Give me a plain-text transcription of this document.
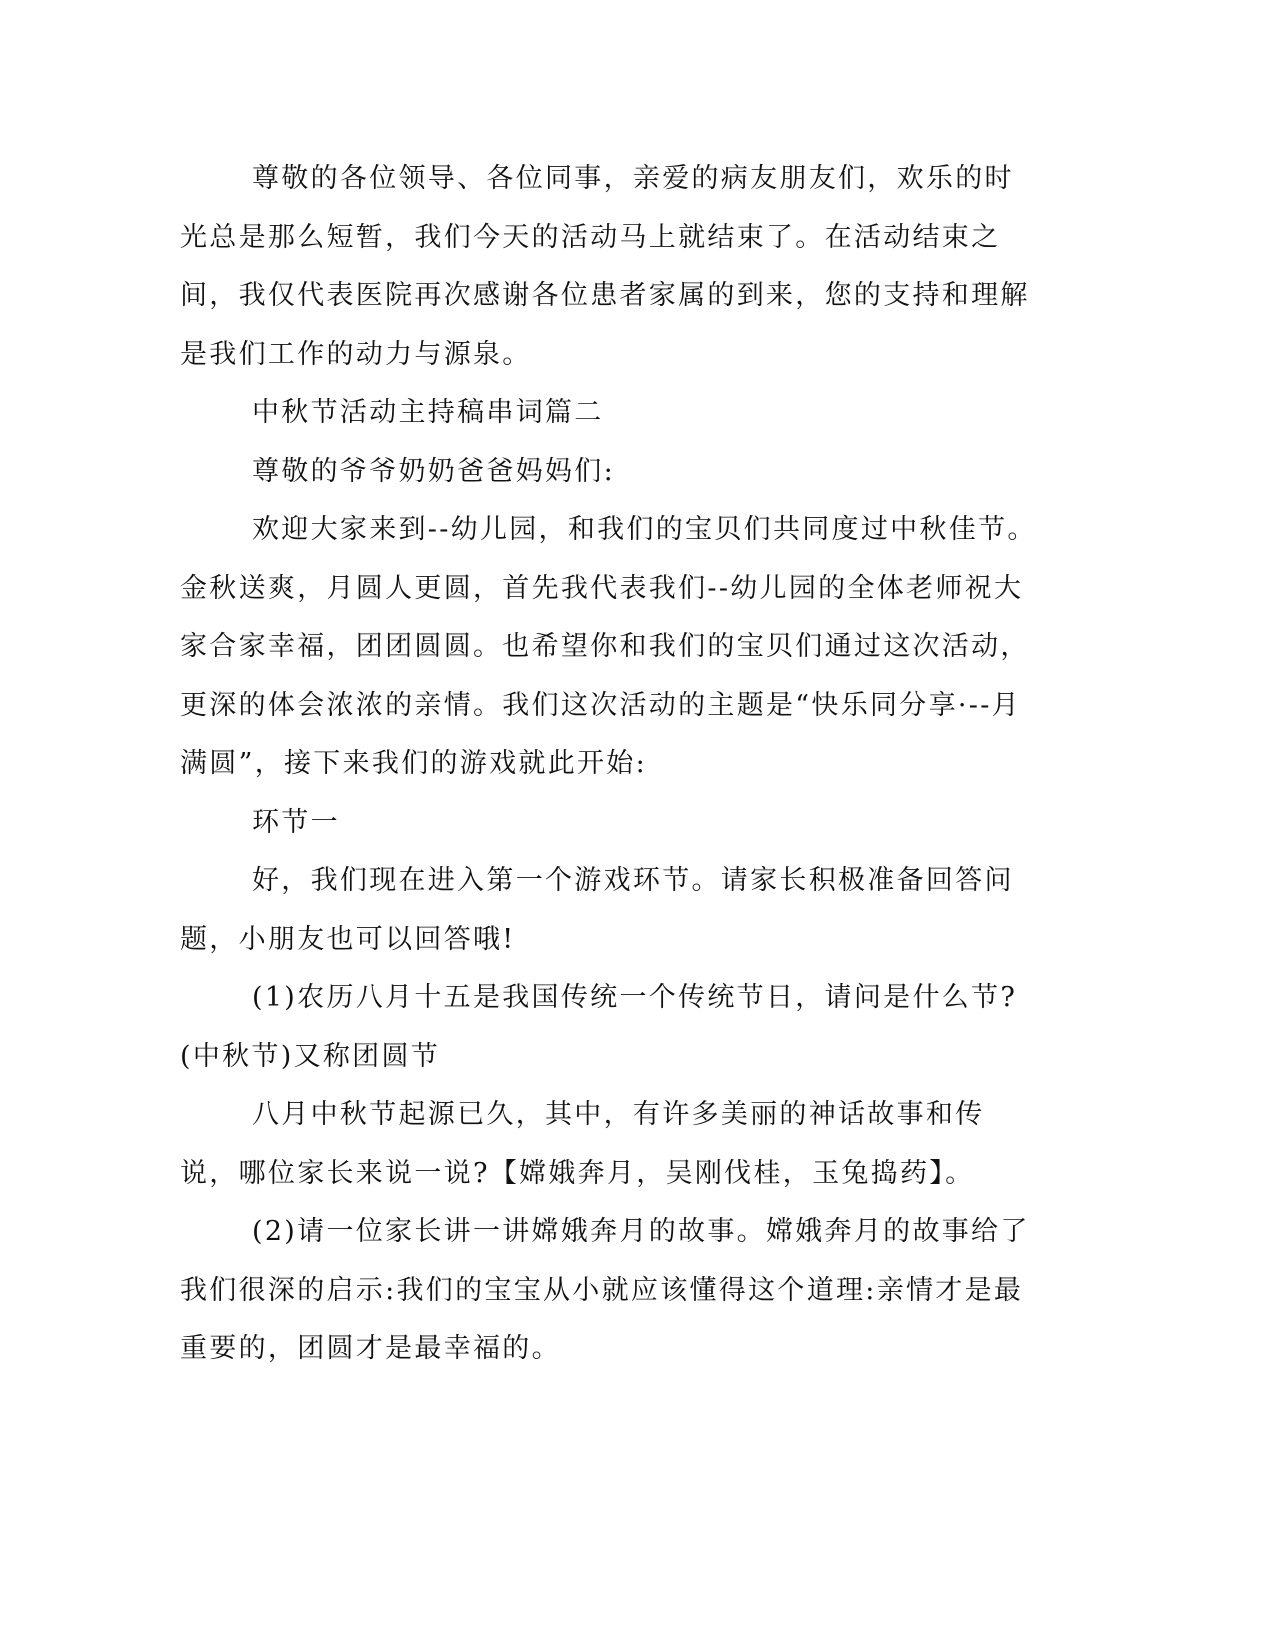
尊敬的各位领导、各位同事，亲爱的病友朋友们，欢乐的时光总是那么短暂，我们今天的活动马上就结束了。在活动结束之间，我仅代表医院再次感谢各位患者家属的到来，您的支持和理解是我们工作的动力与源泉。

中秋节活动主持稿串词篇二

尊敬的爷爷奶奶爸爸妈妈们:

欢迎大家来到--幼儿园，和我们的宝贝们共同度过中秋佳节。金秋送爽，月圆人更圆，首先我代表我们--幼儿园的全体老师祝大家合家幸福，团团圆圆。也希望你和我们的宝贝们通过这次活动，更深的体会浓浓的亲情。我们这次活动的主题是“快乐同分享·--月满圆”，接下来我们的游戏就此开始:

环节一

好，我们现在进入第一个游戏环节。请家长积极准备回答问题，小朋友也可以回答哦!

(1)农历八月十五是我国传统一个传统节日，请问是什么节?(中秋节)又称团圆节

八月中秋节起源已久，其中，有许多美丽的神话故事和传说，哪位家长来说一说?【嫦娥奔月，吴刚伐桂，玉兔捣药】。

(2)请一位家长讲一讲嫦娥奔月的故事。嫦娥奔月的故事给了我们很深的启示:我们的宝宝从小就应该懂得这个道理:亲情才是最重要的，团圆才是最幸福的。
